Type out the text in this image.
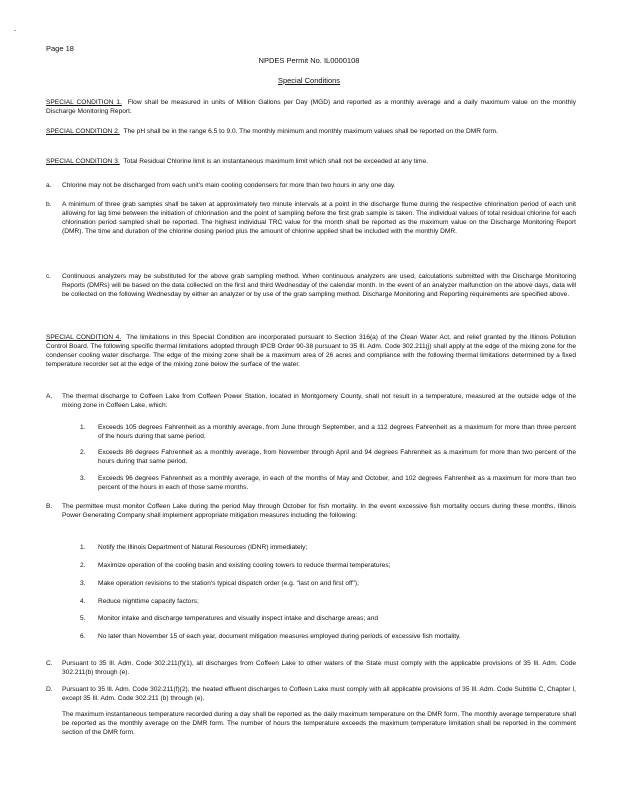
-
Page 18
NPDES Permit No. IL0000108
Special Conditions
SPECIAL CONDITION 1. Flow shall be measured in units of Million Gallons per Day (MGD) and reported as a monthly average and a daily maximum value on the monthly Discharge Monitoring Report.
SPECIAL CONDITION 2. The pH shall be in the range 6.5 to 9.0. The monthly minimum and monthly maximum values shall be reported on the DMR form.
SPECIAL CONDITION 3. Total Residual Chlorine limit is an instantaneous maximum limit which shall not be exceeded at any time.
a. Chlorine may not be discharged from each unit's main cooling condensers for more than two hours in any one day.
b. A minimum of three grab samples shall be taken at approximately two minute intervals at a point in the discharge flume during the respective chlorination period of each unit allowing for lag time between the initiation of chlorination and the point of sampling before the first grab sample is taken. The individual values of total residual chlorine for each chlorination period sampled shall be reported. The highest individual TRC value for the month shall be reported as the maximum value on the Discharge Monitoring Report (DMR). The time and duration of the chlorine dosing period plus the amount of chlorine applied shall be included with the monthly DMR.
c. Continuous analyzers may be substituted for the above grab sampling method. When continuous analyzers are used, calculations submitted with the Discharge Monitoring Reports (DMRs) will be based on the data collected on the first and third Wednesday of the calendar month. In the event of an analyzer malfunction on the above days, data will be collected on the following Wednesday by either an analyzer or by use of the grab sampling method. Discharge Monitoring and Reporting requirements are specified above.
SPECIAL CONDITION 4. The limitations in this Special Condition are incorporated pursuant to Section 316(a) of the Clean Water Act, and relief granted by the Illinois Pollution Control Board. The following specific thermal limitations adopted through IPCB Order 90-38 pursuant to 35 Ill. Adm. Code 302.211(j) shall apply at the edge of the mixing zone for the condenser cooling water discharge. The edge of the mixing zone shall be a maximum area of 26 acres and compliance with the following thermal limitations determined by a fixed temperature recorder set at the edge of the mixing zone below the surface of the water.
A. The thermal discharge to Coffeen Lake from Coffeen Power Station, located in Montgomery County, shall not result in a temperature, measured at the outside edge of the mixing zone in Coffeen Lake, which:
1. Exceeds 105 degrees Fahrenheit as a monthly average, from June through September, and a 112 degrees Fahrenheit as a maximum for more than three percent of the hours during that same period.
2. Exceeds 86 degrees Fahrenheit as a monthly average, from November through April and 94 degrees Fahrenheit as a maximum for more than two percent of the hours during that same period.
3. Exceeds 96 degrees Fahrenheit as a monthly average, in each of the months of May and October, and 102 degrees Fahrenheit as a maximum for more than two percent of the hours in each of those same months.
B. The permittee must monitor Coffeen Lake during the period May through October for fish mortality. In the event excessive fish mortality occurs during these months, Illinois Power Generating Company shall implement appropriate mitigation measures including the following:
1. Notify the Illinois Department of Natural Resources (IDNR) immediately;
2. Maximize operation of the cooling basin and existing cooling towers to reduce thermal temperatures;
3. Make operation revisions to the station's typical dispatch order (e.g. "last on and first off");
4. Reduce nighttime capacity factors;
5. Monitor intake and discharge temperatures and visually inspect intake and discharge areas; and
6. No later than November 15 of each year, document mitigation measures employed during periods of excessive fish mortality.
C. Pursuant to 35 Ill. Adm. Code 302.211(f)(1), all discharges from Coffeen Lake to other waters of the State must comply with the applicable provisions of 35 Ill. Adm. Code 302.211(b) through (e).
D. Pursuant to 35 Ill. Adm. Code 302.211(f)(2), the heated effluent discharges to Coffeen Lake must comply with all applicable provisions of 35 Ill. Adm. Code Subtitle C, Chapter I, except 35 Ill. Adm. Code 302.211 (b) through (e).
The maximum instantaneous temperature recorded during a day shall be reported as the daily maximum temperature on the DMR form. The monthly average temperature shall be reported as the monthly average on the DMR form. The number of hours the temperature exceeds the maximum temperature limitation shall be reported in the comment section of the DMR form.
